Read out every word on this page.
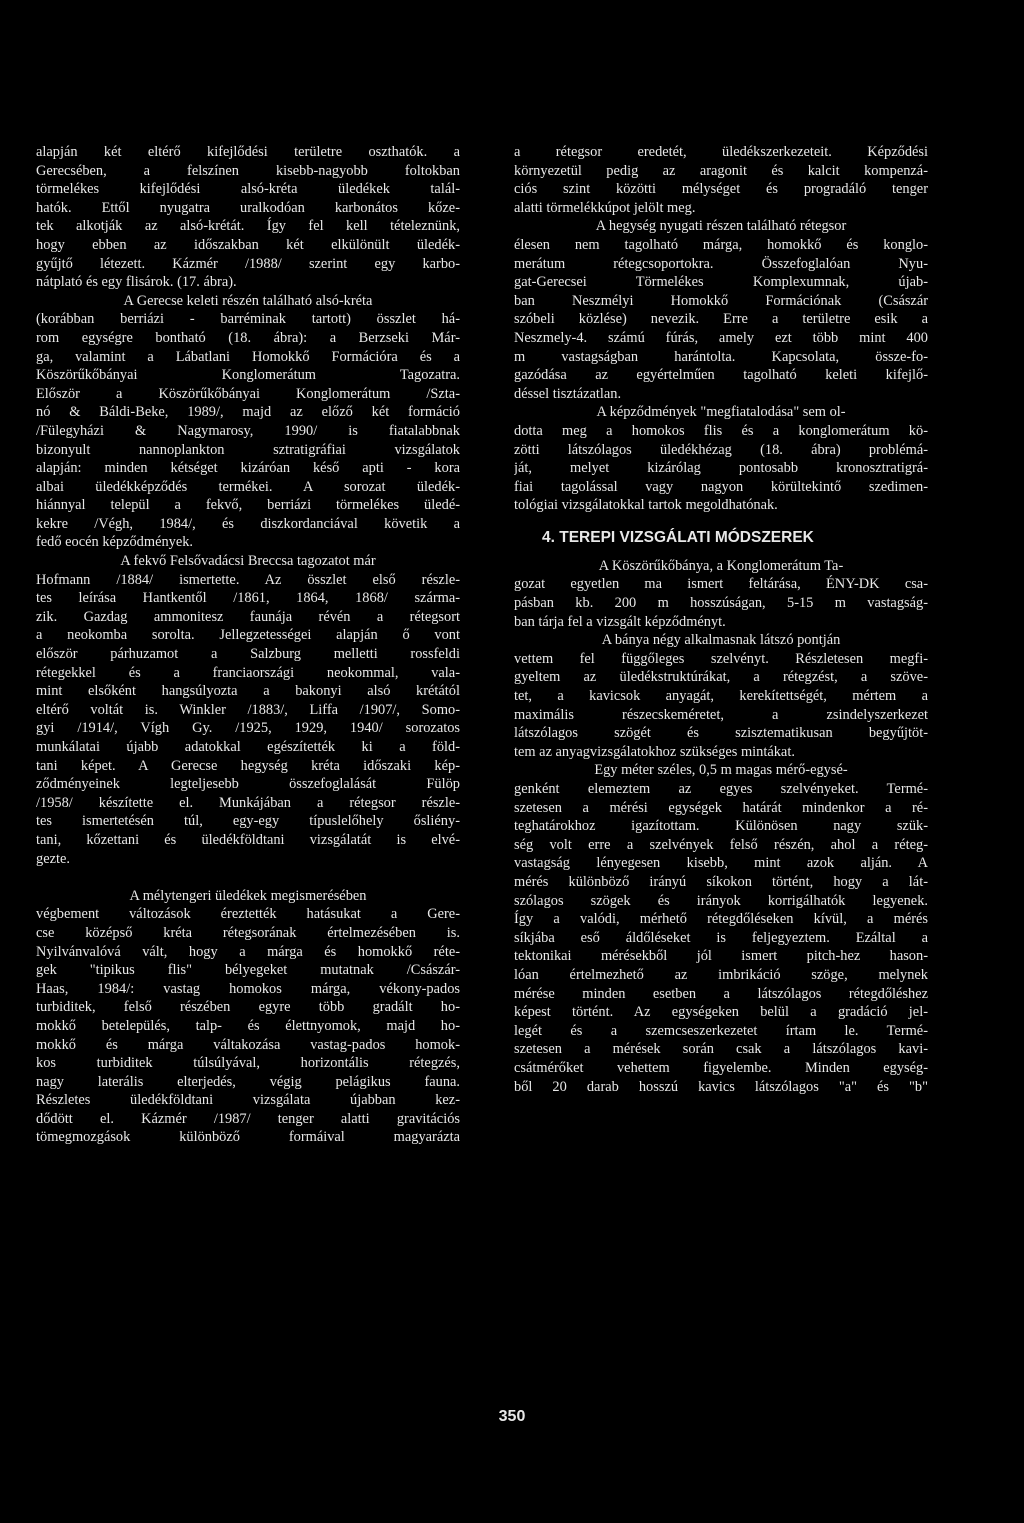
alapján két eltérő kifejlődési területre oszthatók. a
Gerecsében, a felszínen kisebb-nagyobb foltokban
törmelékes kifejlődési alsó-kréta üledékek talál-
hatók. Ettől nyugatra uralkodóan karbonátos kőze-
tek alkotják az alsó-krétát. Így fel kell tételeznünk,
hogy ebben az időszakban két elkülönült üledék-
gyűjtő létezett. Kázmér /1988/ szerint egy karbo-
nátplató és egy flisárok. (17. ábra).
A Gerecse keleti részén található alsó-kréta
(korábban berriázi - barréminak tartott) összlet há-
rom egységre bontható (18. ábra): a Berzseki Már-
ga, valamint a Lábatlani Homokkő Formációra és a
Köszörűkőbányai Konglomerátum Tagozatra.
Először a Köszörűkőbányai Konglomerátum /Szta-
nó & Báldi-Beke, 1989/, majd az előző két formáció
/Fülegyházi & Nagymarosy, 1990/ is fiatalabbnak
bizonyult nannoplankton sztratigráfiai vizsgálatok
alapján: minden kétséget kizáróan késő apti - kora
albai üledékképződés termékei. A sorozat üledék-
hiánnyal települ a fekvő, berriázi törmelékes üledé-
kekre /Végh, 1984/, és diszkordanciával követik a
fedő eocén képződmények.
A fekvő Felsővadácsi Breccsa tagozatot már
Hofmann /1884/ ismertette. Az összlet első részle-
tes leírása Hantkentől /1861, 1864, 1868/ szárma-
zik. Gazdag ammonitesz faunája révén a rétegsort
a neokomba sorolta. Jellegzetességei alapján ő vont
először párhuzamot a Salzburg melletti rossfeldi
rétegekkel és a franciaországi neokommal, vala-
mint elsőként hangsúlyozta a bakonyi alsó krétától
eltérő voltát is. Winkler /1883/, Liffa /1907/, Somo-
gyi /1914/, Vígh Gy. /1925, 1929, 1940/ sorozatos
munkálatai újabb adatokkal egészítették ki a föld-
tani képet. A Gerecse hegység kréta időszaki kép-
ződményeinek legteljesebb összefoglalását Fülöp
/1958/ készítette el. Munkájában a rétegsor részle-
tes ismertetésén túl, egy-egy típuslelőhely ősliény-
tani, kőzettani és üledékföldtani vizsgálatát is elvé-
gezte.
A mélytengeri üledékek megismerésében
végbement változások éreztették hatásukat a Gere-
cse középső kréta rétegsorának értelmezésében is.
Nyilvánvalóvá vált, hogy a márga és homokkő réte-
gek "tipikus flis" bélyegeket mutatnak /Császár-
Haas, 1984/: vastag homokos márga, vékony-pados
turbiditek, felső részében egyre több gradált ho-
mokkő betelepülés, talp- és élettnyomok, majd ho-
mokkő és márga váltakozása vastag-pados homok-
kos turbiditek túlsúlyával, horizontális rétegzés,
nagy laterális elterjedés, végig pelágikus fauna.
Részletes üledékföldtani vizsgálata újabban kez-
dődött el. Kázmér /1987/ tenger alatti gravitációs
tömegmozgások különböző formáival magyarázta
a rétegsor eredetét, üledékszerkezeteit. Képződési
környezetül pedig az aragonit és kalcit kompenzá-
ciós szint közötti mélységet és progradáló tenger
alatti törmelékkúpot jelölt meg.
A hegység nyugati részen található rétegsor
élesen nem tagolható márga, homokkő és konglo-
merátum rétegcsoportokra. Összefoglalóan Nyu-
gat-Gerecsei Törmelékes Komplexumnak, újab-
ban Neszmélyi Homokkő Formációnak (Császár
szóbeli közlése) nevezik. Erre a területre esik a
Neszmely-4. számú fúrás, amely ezt több mint 400
m vastagságban harántolta. Kapcsolata, össze-fo-
gazódása az egyértelműen tagolható keleti kifejlő-
déssel tisztázatlan.
A képződmények "megfiatalodása" sem ol-
dotta meg a homokos flis és a konglomerátum kö-
zötti látszólagos üledékhézag (18. ábra) problémá-
ját, melyet kizárólag pontosabb kronosztratigrá-
fiai tagolással vagy nagyon körültekintő szedimen-
tológiai vizsgálatokkal tartok megoldhatónak.
4. TEREPI VIZSGÁLATI MÓDSZEREK
A Köszörűkőbánya, a Konglomerátum Ta-
gozat egyetlen ma ismert feltárása, ÉNY-DK csa-
pásban kb. 200 m hosszúságan, 5-15 m vastagság-
ban tárja fel a vizsgált képződményt.
A bánya négy alkalmasnak látszó pontján
vettem fel függőleges szelvényt. Részletesen megfi-
gyeltem az üledékstruktúrákat, a rétegzést, a szöve-
tet, a kavicsok anyagát, kerekítettségét, mértem a
maximális részecskeméretet, a zsindelyszerkezet
látszólagos szögét és szisztematikusan begyűjtöt-
tem az anyagvizsgálatokhoz szükséges mintákat.
Egy méter széles, 0,5 m magas mérő-egysé-
genként elemeztem az egyes szelvényeket. Termé-
szetesen a mérési egységek határát mindenkor a ré-
teghatárokhoz igazítottam. Különösen nagy szük-
ség volt erre a szelvények felső részén, ahol a réteg-
vastagság lényegesen kisebb, mint azok alján. A
mérés különböző irányú síkokon történt, hogy a lát-
szólagos szögek és irányok korrigálhatók legyenek.
Így a valódi, mérhető rétegdőléseken kívül, a mérés
síkjába eső áldőléseket is feljegyeztem. Ezáltal a
tektonikai mérésekből jól ismert pitch-hez hason-
lóan értelmezhető az imbrikáció szöge, melynek
mérése minden esetben a látszólagos rétegdőléshez
képest történt. Az egységeken belül a gradáció jel-
legét és a szemcseszerkezetet írtam le. Termé-
szetesen a mérések során csak a látszólagos kavi-
csátmérőket vehettem figyelembe. Minden egység-
ből 20 darab hosszú kavics látszólagos "a" és "b"
350
